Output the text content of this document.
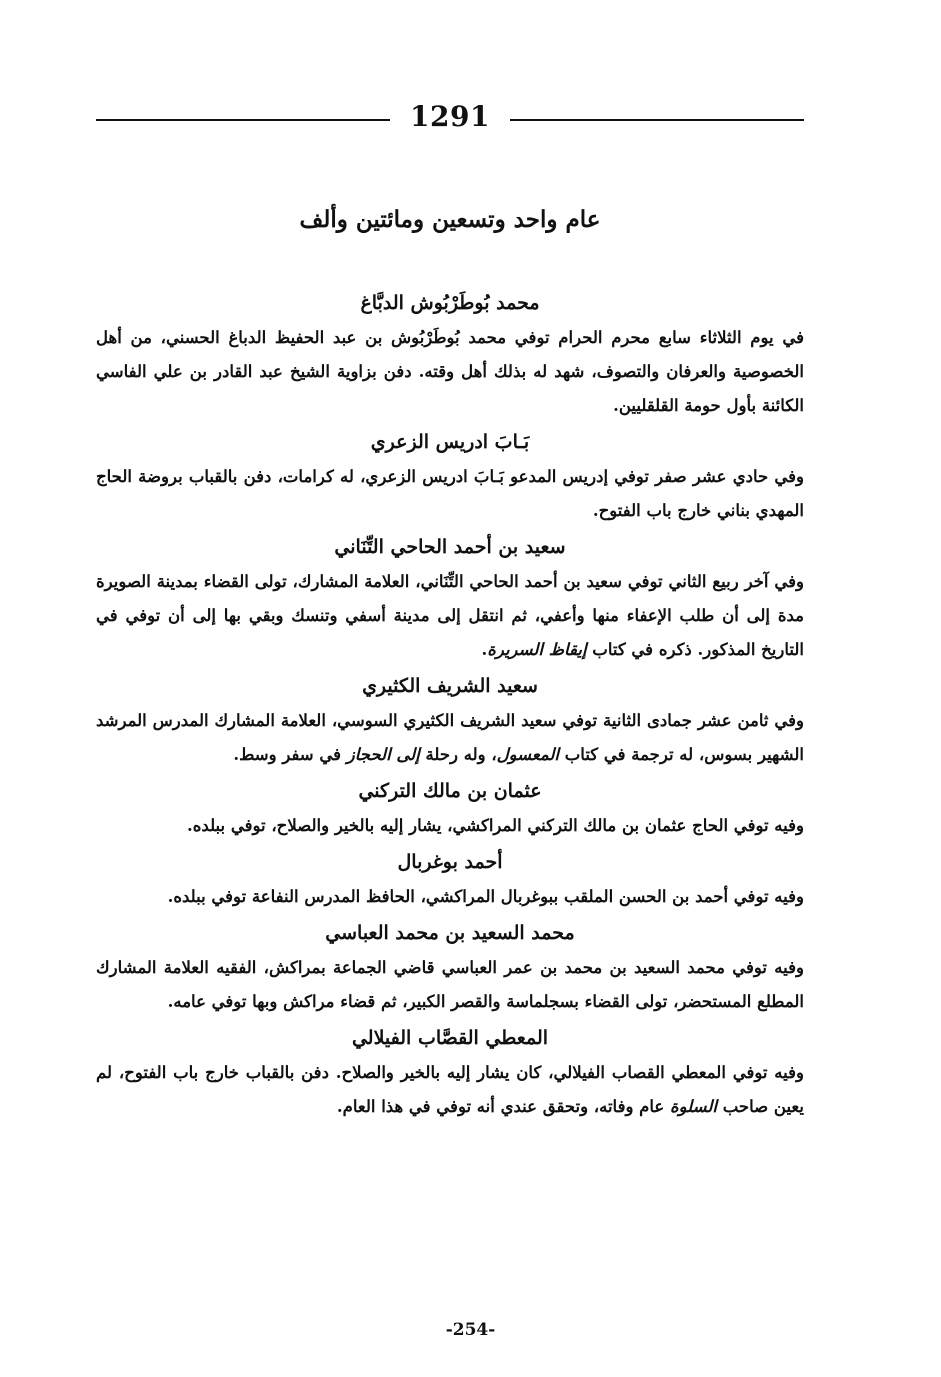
1291
عام واحد وتسعين ومائتين وألف
محمد بُوطَرْبُوش الدبَّاغ

في يوم الثلاثاء سابع محرم الحرام توفي محمد بُوطَرْبُوش بن عبد الحفيظ الدباغ الحسني، من أهل الخصوصية والعرفان والتصوف، شهد له بذلك أهل وقته. دفن بزاوية الشيخ عبد القادر بن علي الفاسي الكائنة بأول حومة القلقليين.

بَـابَ ادريس الزعري

وفي حادي عشر صفر توفي إدريس المدعو بَـابَ ادريس الزعري، له كرامات، دفن بالقباب بروضة الحاج المهدي بناني خارج باب الفتوح.

سعيد بن أحمد الحاحي التِّنَاني

وفي آخر ربيع الثاني توفي سعيد بن أحمد الحاحي التِّنَاني، العلامة المشارك، تولى القضاء بمدينة الصويرة مدة إلى أن طلب الإعفاء منها وأعفي، ثم انتقل إلى مدينة أسفي وتنسك وبقي بها إلى أن توفي في التاريخ المذكور. ذكره في كتاب إيقاظ السريرة.

سعيد الشريف الكثيري

وفي ثامن عشر جمادى الثانية توفي سعيد الشريف الكثيري السوسي، العلامة المشارك المدرس المرشد الشهير بسوس، له ترجمة في كتاب المعسول، وله رحلة إلى الحجاز في سفر وسط.

عثمان بن مالك التركني

وفيه توفي الحاج عثمان بن مالك التركني المراكشي، يشار إليه بالخير والصلاح، توفي ببلده.

أحمد بوغربال

وفيه توفي أحمد بن الحسن الملقب ببوغربال المراكشي، الحافظ المدرس النفاعة توفي ببلده.

محمد السعيد بن محمد العباسي

وفيه توفي محمد السعيد بن محمد بن عمر العباسي قاضي الجماعة بمراكش، الفقيه العلامة المشارك المطلع المستحضر، تولى القضاء بسجلماسة والقصر الكبير، ثم قضاء مراكش وبها توفي عامه.

المعطي القصَّاب الفيلالي

وفيه توفي المعطي القصاب الفيلالي، كان يشار إليه بالخير والصلاح. دفن بالقباب خارج باب الفتوح، لم يعين صاحب السلوة عام وفاته، وتحقق عندي أنه توفي في هذا العام.

-254-
